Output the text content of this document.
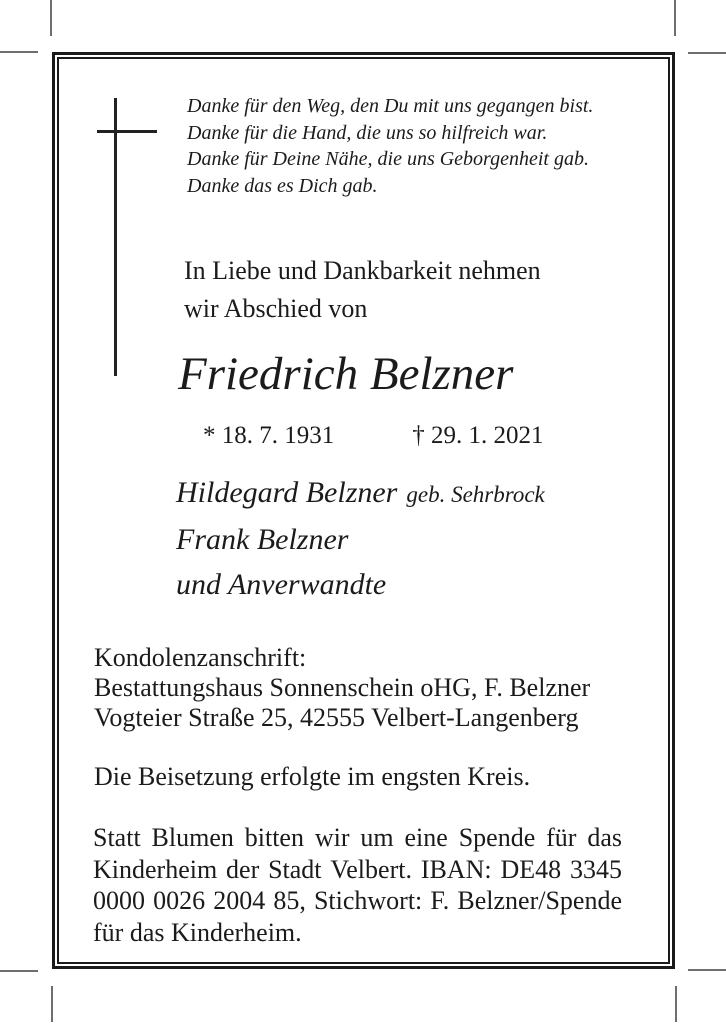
Danke für den Weg, den Du mit uns gegangen bist.
Danke für die Hand, die uns so hilfreich war.
Danke für Deine Nähe, die uns Geborgenheit gab.
Danke das es Dich gab.
In Liebe und Dankbarkeit nehmen
wir Abschied von
Friedrich Belzner
* 18. 7. 1931	† 29. 1. 2021
Hildegard Belzner geb. Sehrbrock
Frank Belzner
und Anverwandte
Kondolenzanschrift:
Bestattungshaus Sonnenschein oHG, F. Belzner
Vogteier Straße 25, 42555 Velbert-Langenberg
Die Beisetzung erfolgte im engsten Kreis.
Statt Blumen bitten wir um eine Spende für das
Kinderheim der Stadt Velbert. IBAN: DE48 3345
0000 0026 2004 85, Stichwort: F. Belzner/Spende
für das Kinderheim.
